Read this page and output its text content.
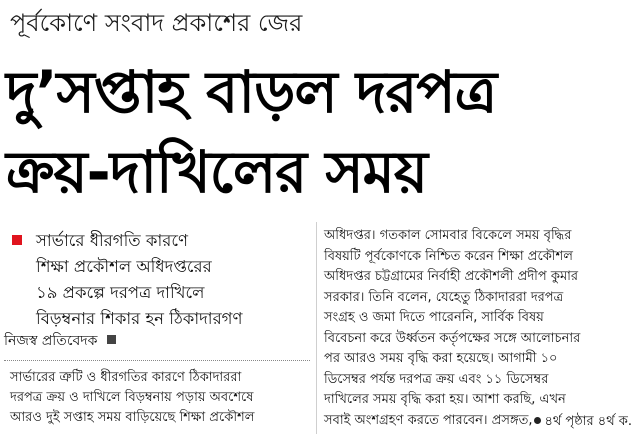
পূর্বকোণে সংবাদ প্রকাশের জের
দু’সপ্তাহ বাড়ল দরপত্র
ক্রয়-দাখিলের সময়
সার্ভারে ধীরগতি কারণে
শিক্ষা প্রকৌশল অধিদপ্তরের
১৯ প্রকল্পে দরপত্র দাখিলে
বিড়ম্বনার শিকার হন ঠিকাদারগণ
নিজস্ব প্রতিবেদক
সার্ভারের ত্রুটি ও ধীরগতির কারণে ঠিকাদাররা
দরপত্র ক্রয় ও দাখিলে বিড়ম্বনায় পড়ায় অবশেষে
আরও দুই সপ্তাহ সময় বাড়িয়েছে শিক্ষা প্রকৌশল
অধিদপ্তর। গতকাল সোমবার বিকেলে সময় বৃদ্ধির
বিষয়টি পূর্বকোণকে নিশ্চিত করেন শিক্ষা প্রকৌশল
অধিদপ্তর চট্টগ্রামের নির্বাহী প্রকৌশলী প্রদীপ কুমার
সরকার। তিনি বলেন, যেহেতু ঠিকাদাররা দরপত্র
সংগ্রহ ও জমা দিতে পারেননি, সার্বিক বিষয়
বিবেচনা করে উর্ধ্বতন কর্তৃপক্ষের সঙ্গে আলোচনার
পর আরও সময় বৃদ্ধি করা হয়েছে। আগামী ১০
ডিসেম্বর পর্যন্ত দরপত্র ক্রয় এবং ১১ ডিসেম্বর
দাখিলের সময় বৃদ্ধি করা হয়। আশা করছি, এখন
সবাই অংশগ্রহণ করতে পারবেন। প্রসঙ্গত, ৪র্থ পৃষ্ঠার ৪র্থ ক.
